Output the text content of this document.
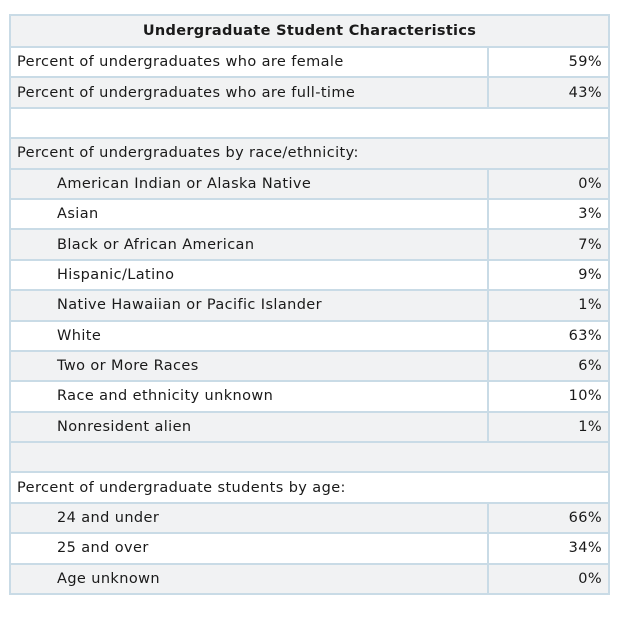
Undergraduate Student Characteristics
Percent of undergraduates who are female	59%
Percent of undergraduates who are full-time	43%
Percent of undergraduates by race/ethnicity:
American Indian or Alaska Native	0%
Asian	3%
Black or African American	7%
Hispanic/Latino	9%
Native Hawaiian or Pacific Islander	1%
White	63%
Two or More Races	6%
Race and ethnicity unknown	10%
Nonresident alien	1%
Percent of undergraduate students by age:
24 and under	66%
25 and over	34%
Age unknown	0%
